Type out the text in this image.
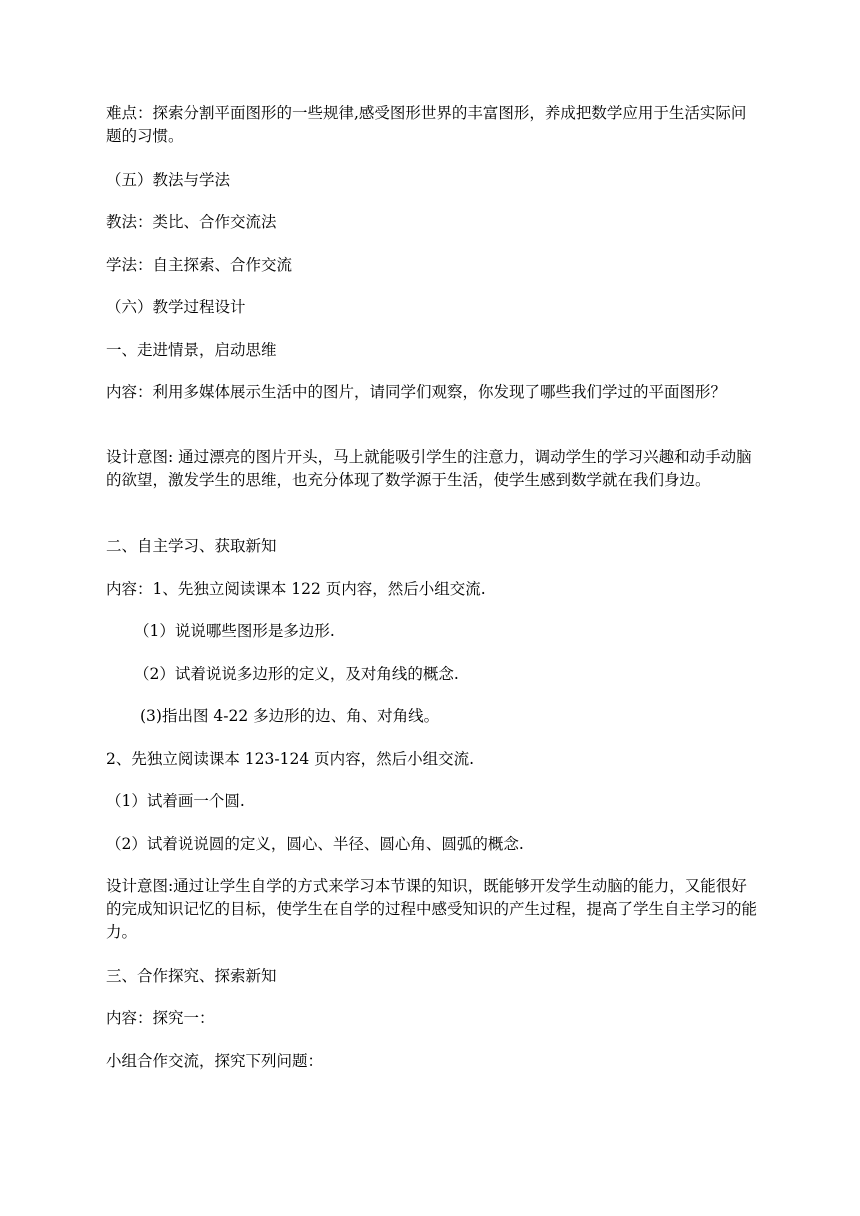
难点：探索分割平面图形的一些规律,感受图形世界的丰富图形，养成把数学应用于生活实际问题的习惯。
（五）教法与学法
教法：类比、合作交流法
学法：自主探索、合作交流
（六）教学过程设计
一、走进情景，启动思维
内容：利用多媒体展示生活中的图片，请同学们观察，你发现了哪些我们学过的平面图形？
设计意图: 通过漂亮的图片开头，马上就能吸引学生的注意力，调动学生的学习兴趣和动手动脑的欲望，激发学生的思维，也充分体现了数学源于生活，使学生感到数学就在我们身边。
二、自主学习、获取新知
内容：1、先独立阅读课本 122 页内容，然后小组交流.
（1）说说哪些图形是多边形.
（2）试着说说多边形的定义，及对角线的概念.
(3)指出图 4-22 多边形的边、角、对角线。
2、先独立阅读课本 123-124 页内容，然后小组交流.
（1）试着画一个圆.
（2）试着说说圆的定义，圆心、半径、圆心角、圆弧的概念.
设计意图:通过让学生自学的方式来学习本节课的知识，既能够开发学生动脑的能力，又能很好的完成知识记忆的目标，使学生在自学的过程中感受知识的产生过程，提高了学生自主学习的能力。
三、合作探究、探索新知
内容：探究一：
小组合作交流，探究下列问题：
